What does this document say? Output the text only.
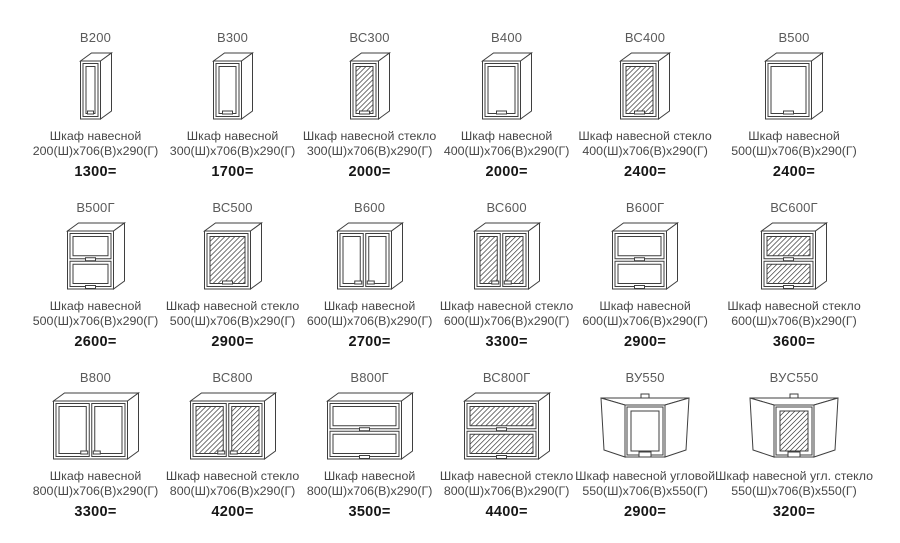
В200
Шкаф навесной
200(Ш)х706(В)х290(Г)
1300=
В300
Шкаф навесной
300(Ш)х706(В)х290(Г)
1700=
ВС300
Шкаф навесной стекло
300(Ш)х706(В)х290(Г)
2000=
В400
Шкаф навесной
400(Ш)х706(В)х290(Г)
2000=
ВС400
Шкаф навесной стекло
400(Ш)х706(В)х290(Г)
2400=
В500
Шкаф навесной
500(Ш)х706(В)х290(Г)
2400=
В500Г
Шкаф навесной
500(Ш)х706(В)х290(Г)
2600=
ВС500
Шкаф навесной стекло
500(Ш)х706(В)х290(Г)
2900=
В600
Шкаф навесной
600(Ш)х706(В)х290(Г)
2700=
ВС600
Шкаф навесной стекло
600(Ш)х706(В)х290(Г)
3300=
В600Г
Шкаф навесной
600(Ш)х706(В)х290(Г)
2900=
ВС600Г
Шкаф навесной стекло
600(Ш)х706(В)х290(Г)
3600=
В800
Шкаф навесной
800(Ш)х706(В)х290(Г)
3300=
ВС800
Шкаф навесной стекло
800(Ш)х706(В)х290(Г)
4200=
В800Г
Шкаф навесной
800(Ш)х706(В)х290(Г)
3500=
ВС800Г
Шкаф навесной стекло
800(Ш)х706(В)х290(Г)
4400=
ВУ550
Шкаф навесной угловой
550(Ш)х706(В)х550(Г)
2900=
ВУС550
Шкаф навесной угл. стекло
550(Ш)х706(В)х550(Г)
3200=
